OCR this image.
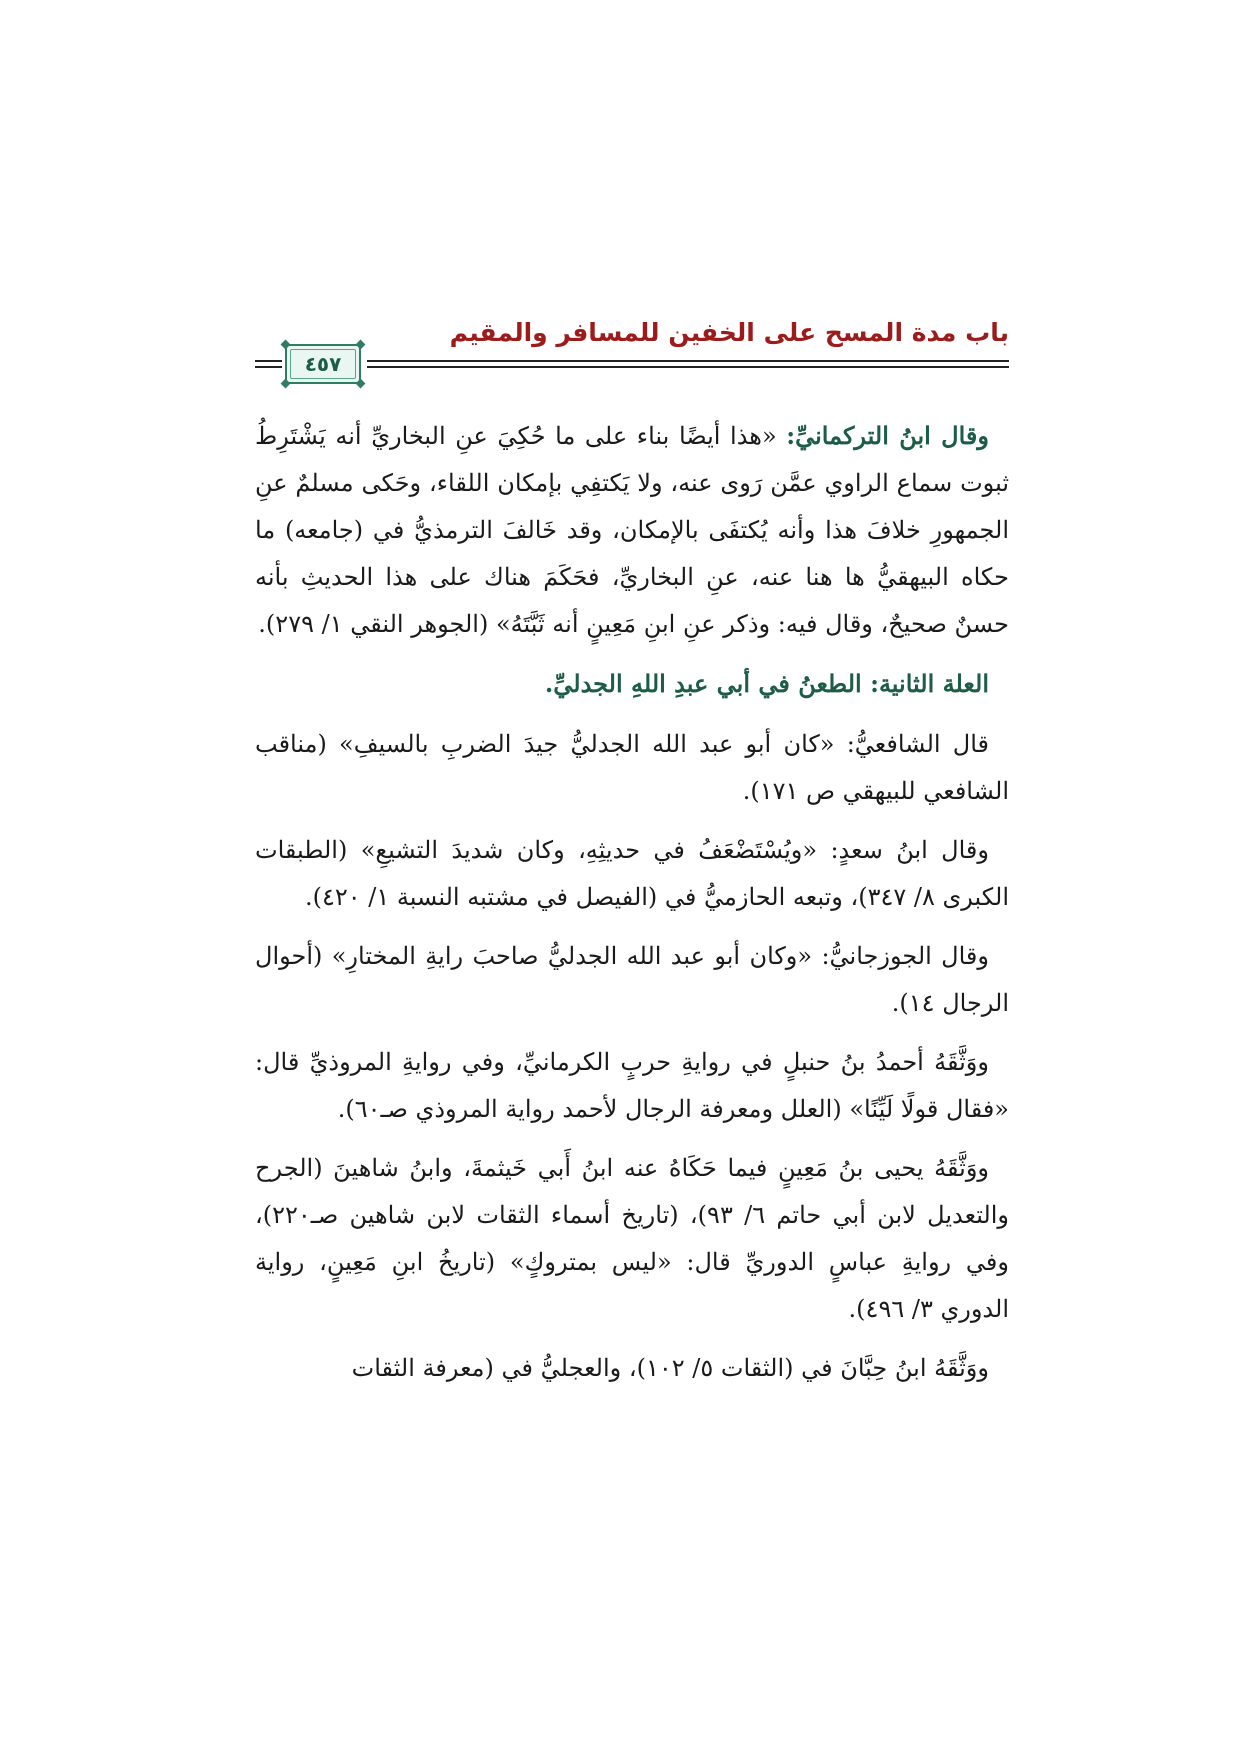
باب مدة المسح على الخفين للمسافر والمقيم
٤٥٧

وقال ابنُ التركمانيِّ: «هذا أيضًا بناء على ما حُكِيَ عنِ البخاريِّ أنه يَشْتَرِطُ ثبوت سماع الراوي عمَّن رَوى عنه، ولا يَكتفِي بإمكان اللقاء، وحَكى مسلمٌ عنِ الجمهورِ خلافَ هذا وأنه يُكتفَى بالإمكان، وقد خَالفَ الترمذيُّ في (جامعه) ما حكاه البيهقيُّ ها هنا عنه، عنِ البخاريِّ، فحَكَمَ هناك على هذا الحديثِ بأنه حسنٌ صحيحٌ، وقال فيه: وذكر عنِ ابنِ مَعِينٍ أنه ثَبَّتَهُ» (الجوهر النقي ١/ ٢٧٩).

العلة الثانية: الطعنُ في أبي عبدِ اللهِ الجدليِّ.

قال الشافعيُّ: «كان أبو عبد الله الجدليُّ جيدَ الضربِ بالسيفِ» (مناقب الشافعي للبيهقي ص ١٧١).

وقال ابنُ سعدٍ: «ويُسْتَضْعَفُ في حديثِهِ، وكان شديدَ التشيعِ» (الطبقات الكبرى ٨/ ٣٤٧)، وتبعه الحازميُّ في (الفيصل في مشتبه النسبة ١/ ٤٢٠).

وقال الجوزجانيُّ: «وكان أبو عبد الله الجدليُّ صاحبَ رايةِ المختارِ» (أحوال الرجال ١٤).

ووَثَّقَهُ أحمدُ بنُ حنبلٍ في روايةِ حربٍ الكرمانيِّ، وفي روايةِ المروذيِّ قال: «فقال قولًا لَيِّنًا» (العلل ومعرفة الرجال لأحمد رواية المروذي صـ٦٠).

ووَثَّقَهُ يحيى بنُ مَعِينٍ فيما حَكَاهُ عنه ابنُ أَبي خَيثمةَ، وابنُ شاهينَ (الجرح والتعديل لابن أبي حاتم ٦/ ٩٣)، (تاريخ أسماء الثقات لابن شاهين صـ٢٢٠)، وفي روايةِ عباسٍ الدوريِّ قال: «ليس بمتروكٍ» (تاريخُ ابنِ مَعِينٍ، رواية الدوري ٣/ ٤٩٦).

ووَثَّقَهُ ابنُ حِبَّانَ في (الثقات ٥/ ١٠٢)، والعجليُّ في (معرفة الثقات
